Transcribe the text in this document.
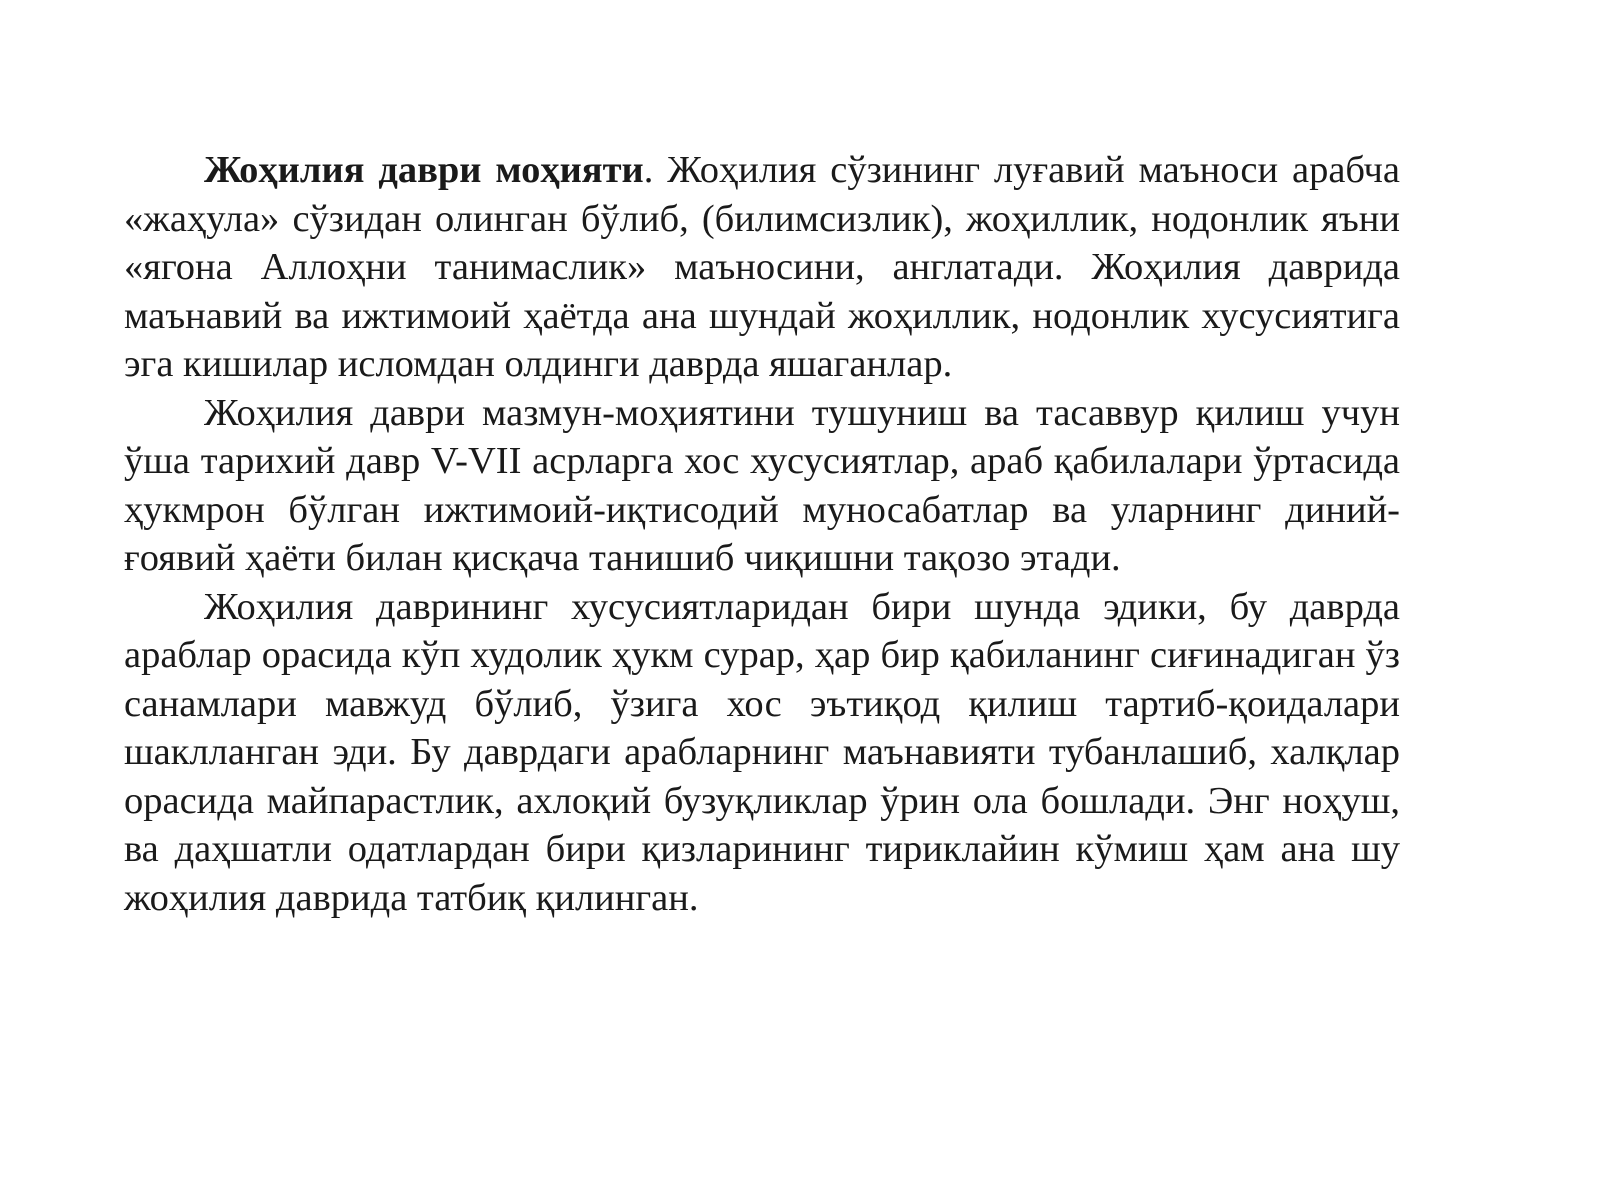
Жоҳилия даври моҳияти. Жоҳилия сўзининг луғавий маъноси арабча «жаҳула» сўзидан олинган бўлиб, (билимсизлик), жоҳиллик, нодонлик яъни «ягона Аллоҳни танимаслик» маъносини, англатади. Жоҳилия даврида маънавий ва ижтимоий ҳаётда ана шундай жоҳиллик, нодонлик хусусиятига эга кишилар исломдан олдинги даврда яшаганлар.

Жоҳилия даври мазмун-моҳиятини тушуниш ва тасаввур қилиш учун ўша тарихий давр V-VII асрларга хос хусусиятлар, араб қабилалари ўртасида ҳукмрон бўлган ижтимоий-иқтисодий муносабатлар ва уларнинг диний-ғоявий ҳаёти билан қисқача танишиб чиқишни тақозо этади.

Жоҳилия даврининг хусусиятларидан бири шунда эдики, бу даврда араблар орасида кўп худолик ҳукм сурар, ҳар бир қабиланинг сиғинадиган ўз санамлари мавжуд бўлиб, ўзига хос эътиқод қилиш тартиб-қоидалари шаклланган эди. Бу даврдаги арабларнинг маънавияти тубанлашиб, халқлар орасида майпарастлик, ахлоқий бузуқликлар ўрин ола бошлади. Энг ноҳуш, ва даҳшатли одатлардан бири қизларининг тириклайин кўмиш ҳам ана шу жоҳилия даврида татбиқ қилинган.
